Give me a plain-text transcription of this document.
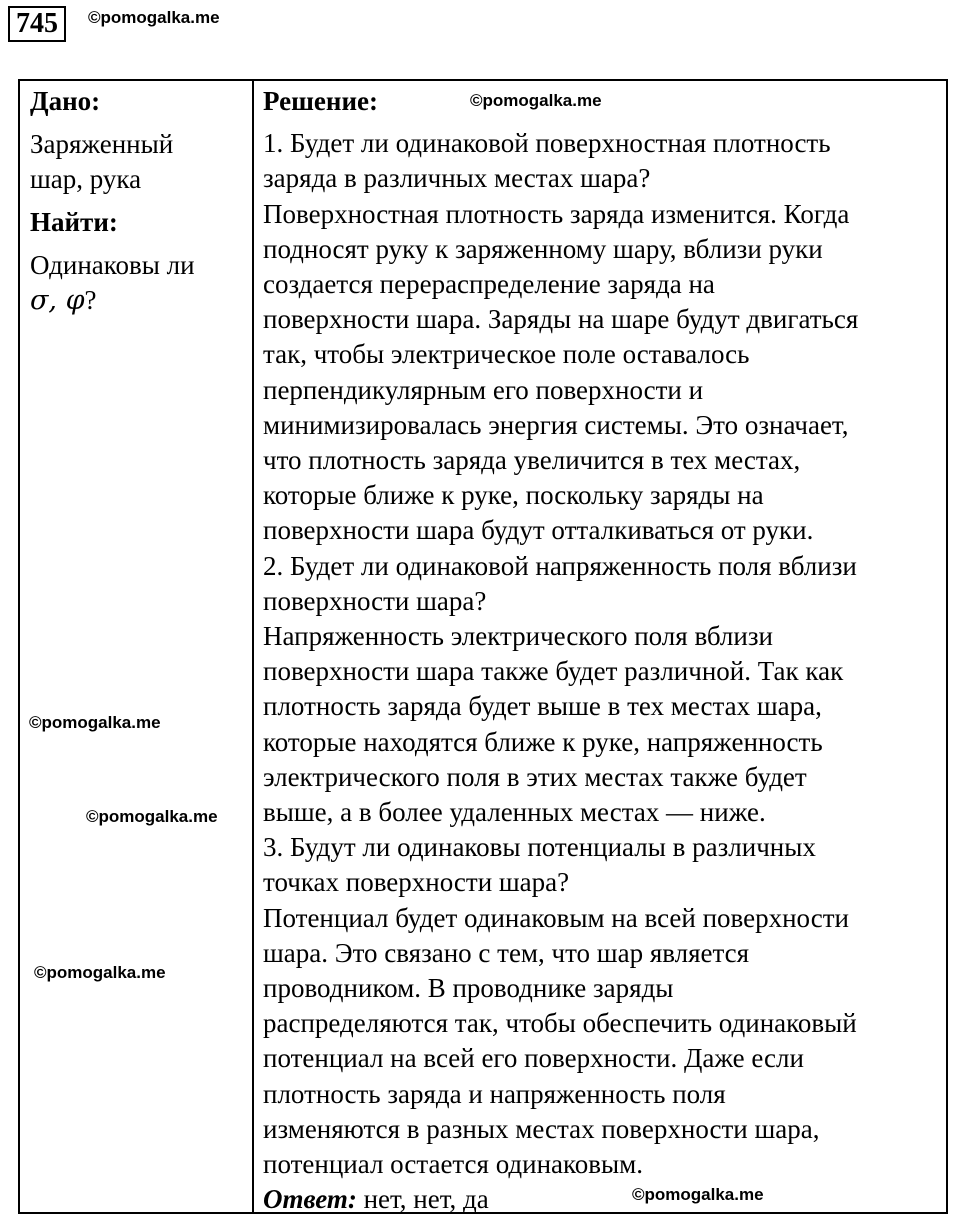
745	©pomogalka.me
Дано:
Заряженный
шар, рука
Найти:
Одинаковы ли
σ, φ?
©pomogalka.me
©pomogalka.me
©pomogalka.me
Решение:
1. Будет ли одинаковой поверхностная плотность
заряда в различных местах шара?
Поверхностная плотность заряда изменится. Когда
подносят руку к заряженному шару, вблизи руки
создается перераспределение заряда на
поверхности шара. Заряды на шаре будут двигаться
так, чтобы электрическое поле оставалось
перпендикулярным его поверхности и
минимизировалась энергия системы. Это означает,
что плотность заряда увеличится в тех местах,
которые ближе к руке, поскольку заряды на
поверхности шара будут отталкиваться от руки.
2. Будет ли одинаковой напряженность поля вблизи
поверхности шара?
Напряженность электрического поля вблизи
поверхности шара также будет различной. Так как
плотность заряда будет выше в тех местах шара,
которые находятся ближе к руке, напряженность
электрического поля в этих местах также будет
выше, а в более удаленных местах — ниже.
3. Будут ли одинаковы потенциалы в различных
точках поверхности шара?
Потенциал будет одинаковым на всей поверхности
шара. Это связано с тем, что шар является
проводником. В проводнике заряды
распределяются так, чтобы обеспечить одинаковый
потенциал на всей его поверхности. Даже если
плотность заряда и напряженность поля
изменяются в разных местах поверхности шара,
потенциал остается одинаковым.
Ответ: нет, нет, да
©pomogalka.me
©pomogalka.me
